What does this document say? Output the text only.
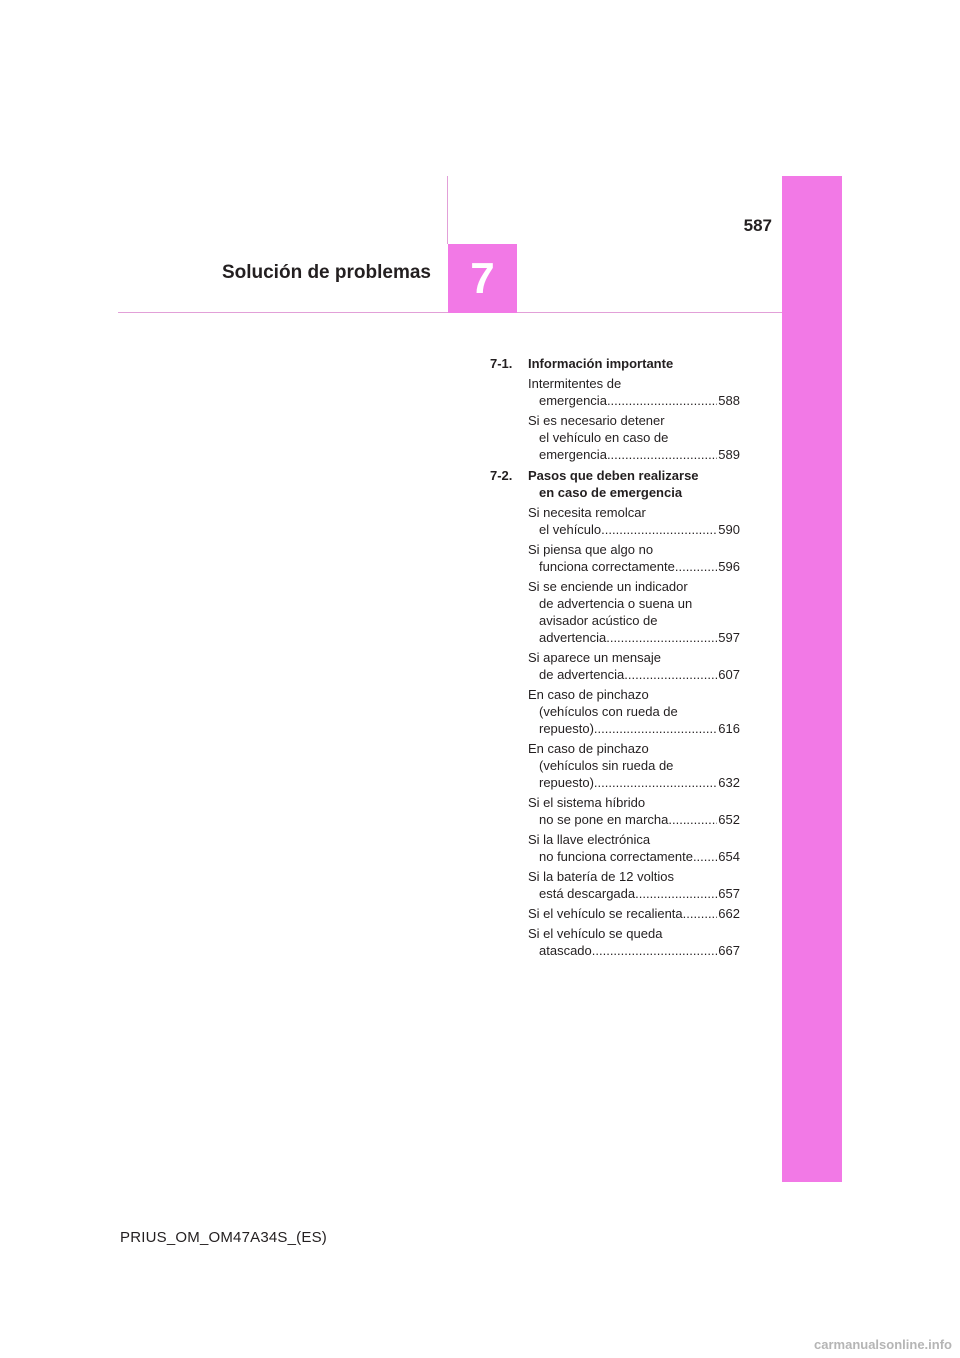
587
Solución de problemas 7
7-1. Información importante
Intermitentes de
emergencia .....	588
Si es necesario detener
el vehículo en caso de
emergencia .....	589
7-2. Pasos que deben realizarse
en caso de emergencia
Si necesita remolcar
el vehículo .....	590
Si piensa que algo no
funciona correctamente .....	596
Si se enciende un indicador
de advertencia o suena un
avisador acústico de
advertencia .....	597
Si aparece un mensaje
de advertencia .....	607
En caso de pinchazo
(vehículos con rueda de
repuesto) .....	616
En caso de pinchazo
(vehículos sin rueda de
repuesto) .....	632
Si el sistema híbrido
no se pone en marcha .....	652
Si la llave electrónica
no funciona correctamente ..... 654
Si la batería de 12 voltios
está descargada .....	657
Si el vehículo se recalienta .....	662
Si el vehículo se queda
atascado .....	667
PRIUS_OM_OM47A34S_(ES)
carmanualsonline.info
